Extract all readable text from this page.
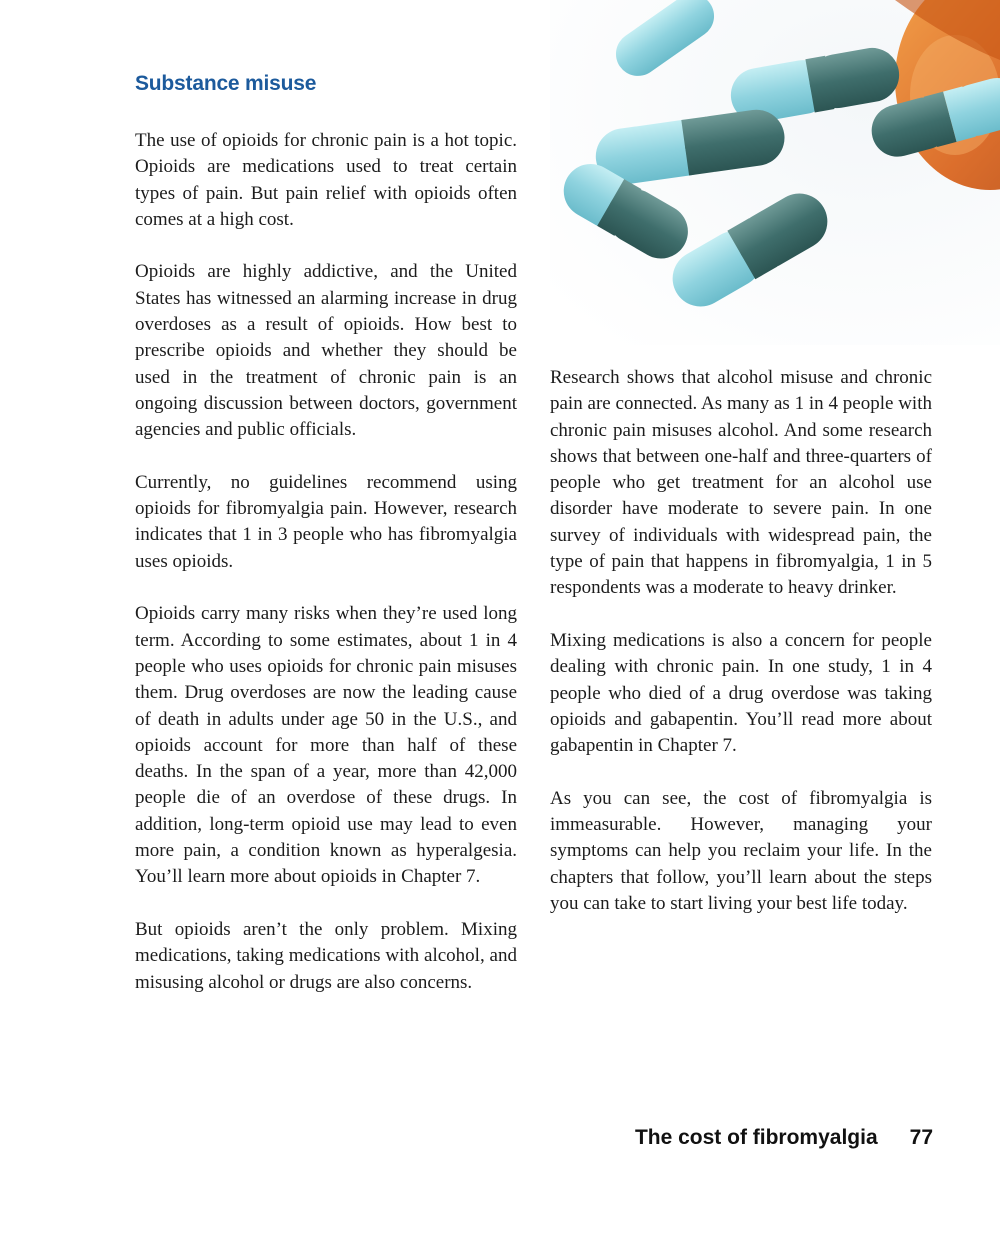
Substance misuse

The use of opioids for chronic pain is a hot topic. Opioids are medications used to treat certain types of pain. But pain relief with opioids often comes at a high cost.

Opioids are highly addictive, and the United States has witnessed an alarming increase in drug overdoses as a result of opioids. How best to prescribe opioids and whether they should be used in the treatment of chronic pain is an ongoing discussion between doctors, government agencies and public officials.

Currently, no guidelines recommend using opioids for fibromyalgia pain. However, research indicates that 1 in 3 people who has fibromyalgia uses opioids.

Opioids carry many risks when they’re used long term. According to some estimates, about 1 in 4 people who uses opioids for chronic pain misuses them. Drug overdoses are now the leading cause of death in adults under age 50 in the U.S., and opioids account for more than half of these deaths. In the span of a year, more than 42,000 people die of an overdose of these drugs. In addition, long-term opioid use may lead to even more pain, a condition known as hyperalgesia. You’ll learn more about opioids in Chapter 7.

But opioids aren’t the only problem. Mixing medications, taking medications with alcohol, and misusing alcohol or drugs are also concerns.

Research shows that alcohol misuse and chronic pain are connected. As many as 1 in 4 people with chronic pain misuses alcohol. And some research shows that between one-half and three-quarters of people who get treatment for an alcohol use disorder have moderate to severe pain. In one survey of individuals with widespread pain, the type of pain that happens in fibromyalgia, 1 in 5 respondents was a moderate to heavy drinker.

Mixing medications is also a concern for people dealing with chronic pain. In one study, 1 in 4 people who died of a drug overdose was taking opioids and gabapentin. You’ll read more about gabapentin in Chapter 7.

As you can see, the cost of fibromyalgia is immeasurable. However, managing your symptoms can help you reclaim your life. In the chapters that follow, you’ll learn about the steps you can take to start living your best life today.

The cost of fibromyalgia 77
